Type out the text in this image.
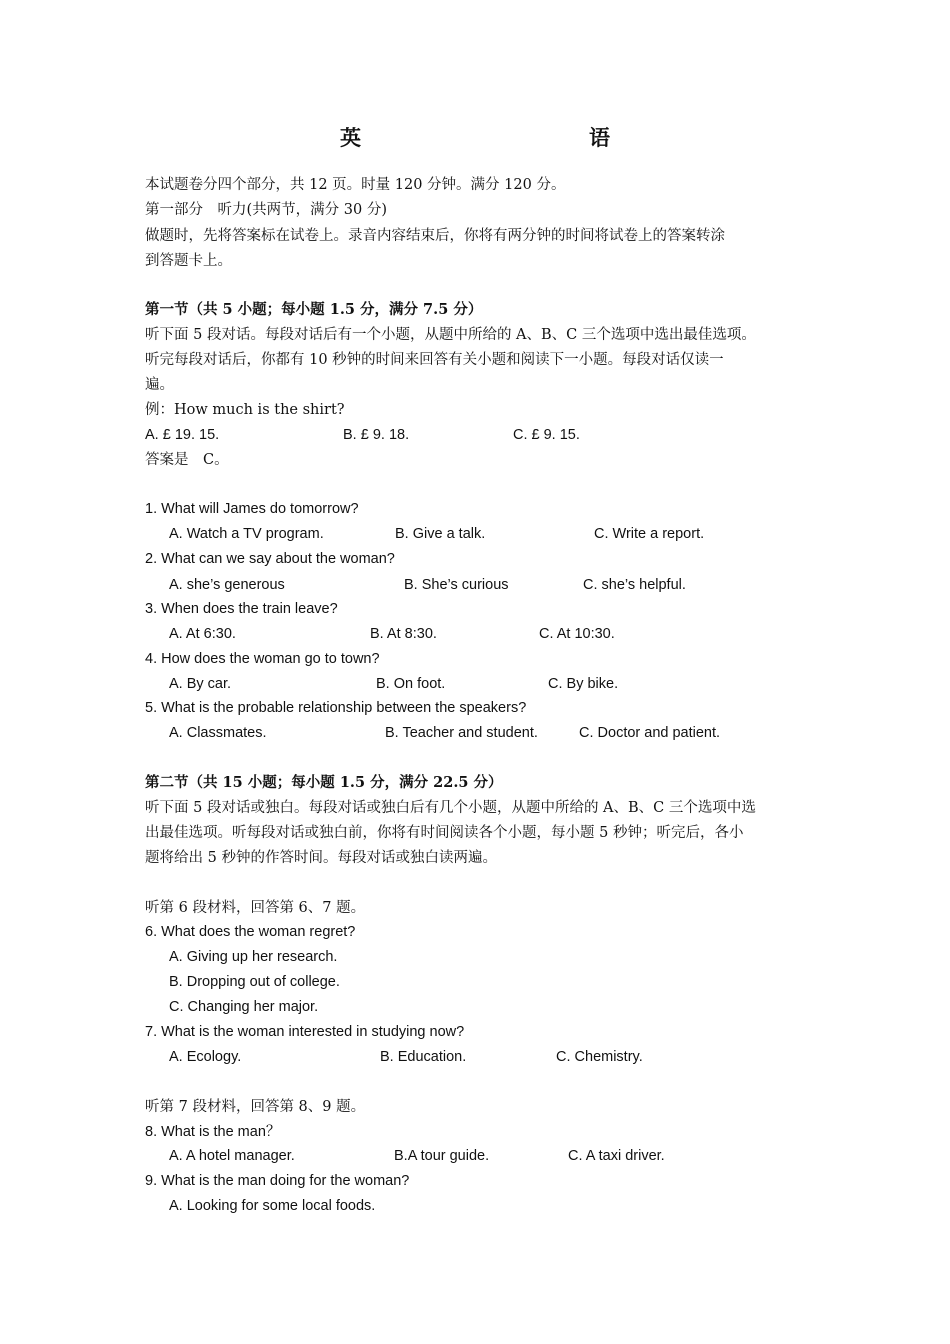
英　　语
本试题卷分四个部分，共 12 页。时量 120 分钟。满分 120 分。
第一部分　听力(共两节，满分 30 分)
做题时，先将答案标在试卷上。录音内容结束后，你将有两分钟的时间将试卷上的答案转涂
到答题卡上。
第一节（共 5 小题；每小题 1.5 分，满分 7.5 分）
听下面 5 段对话。每段对话后有一个小题，从题中所给的 A、B、C 三个选项中选出最佳选项。
听完每段对话后，你都有 10 秒钟的时间来回答有关小题和阅读下一小题。每段对话仅读一
遍。
例：How much is the shirt?
A. £ 19. 15.	B. £ 9. 18.	C. £ 9. 15.
答案是　C。
1. What will James do tomorrow?
A. Watch a TV program.	B. Give a talk.	C. Write a report.
2. What can we say about the woman?
A. she’s generous	B. She’s curious	C. she’s helpful.
3. When does the train leave?
A. At 6:30.	B. At 8:30.	C. At 10:30.
4. How does the woman go to town?
A. By car.	B. On foot.	C. By bike.
5. What is the probable relationship between the speakers?
A. Classmates.	B. Teacher and student.	C. Doctor and patient.
第二节（共 15 小题；每小题 1.5 分，满分 22.5 分）
听下面 5 段对话或独白。每段对话或独白后有几个小题，从题中所给的 A、B、C 三个选项中选
出最佳选项。听每段对话或独白前，你将有时间阅读各个小题，每小题 5 秒钟；听完后，各小
题将给出 5 秒钟的作答时间。每段对话或独白读两遍。
听第 6 段材料，回答第 6、7 题。
6. What does the woman regret?
A. Giving up her research.
B. Dropping out of college.
C. Changing her major.
7. What is the woman interested in studying now?
A. Ecology.	B. Education.	C. Chemistry.
听第 7 段材料，回答第 8、9 题。
8. What is the man？
A. A hotel manager.	B.A tour guide.	C. A taxi driver.
9. What is the man doing for the woman?
A. Looking for some local foods.
